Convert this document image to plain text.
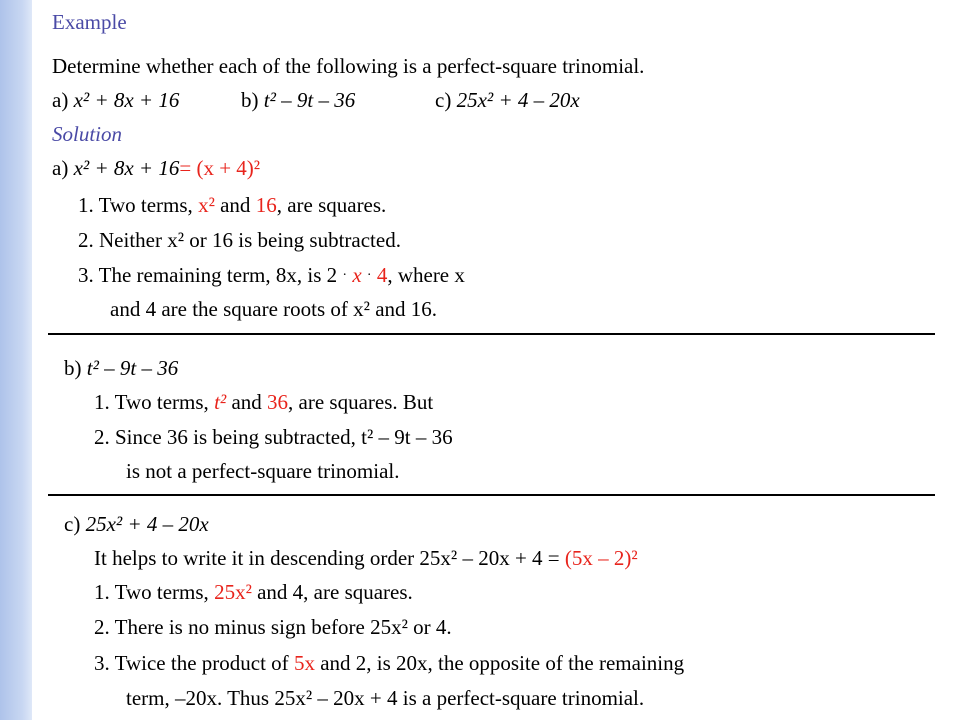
Example
Determine whether each of the following is a perfect-square trinomial.
a) x² + 8x + 16	b) t² – 9t – 36	c) 25x² + 4 – 20x
Solution
a) x² + 8x + 16= (x + 4)²
1. Two terms, x² and 16, are squares.
2. Neither x² or 16 is being subtracted.
3. The remaining term, 8x, is 2 · x · 4, where x
and 4 are the square roots of x² and 16.
b) t² – 9t – 36
1. Two terms, t² and 36, are squares. But
2. Since 36 is being subtracted, t² – 9t – 36
is not a perfect-square trinomial.
c) 25x² + 4 – 20x
It helps to write it in descending order 25x² – 20x + 4 = (5x – 2)²
1. Two terms, 25x² and 4, are squares.
2. There is no minus sign before 25x² or 4.
3. Twice the product of 5x and 2, is 20x, the opposite of the remaining
term, –20x. Thus 25x² – 20x + 4 is a perfect-square trinomial.
